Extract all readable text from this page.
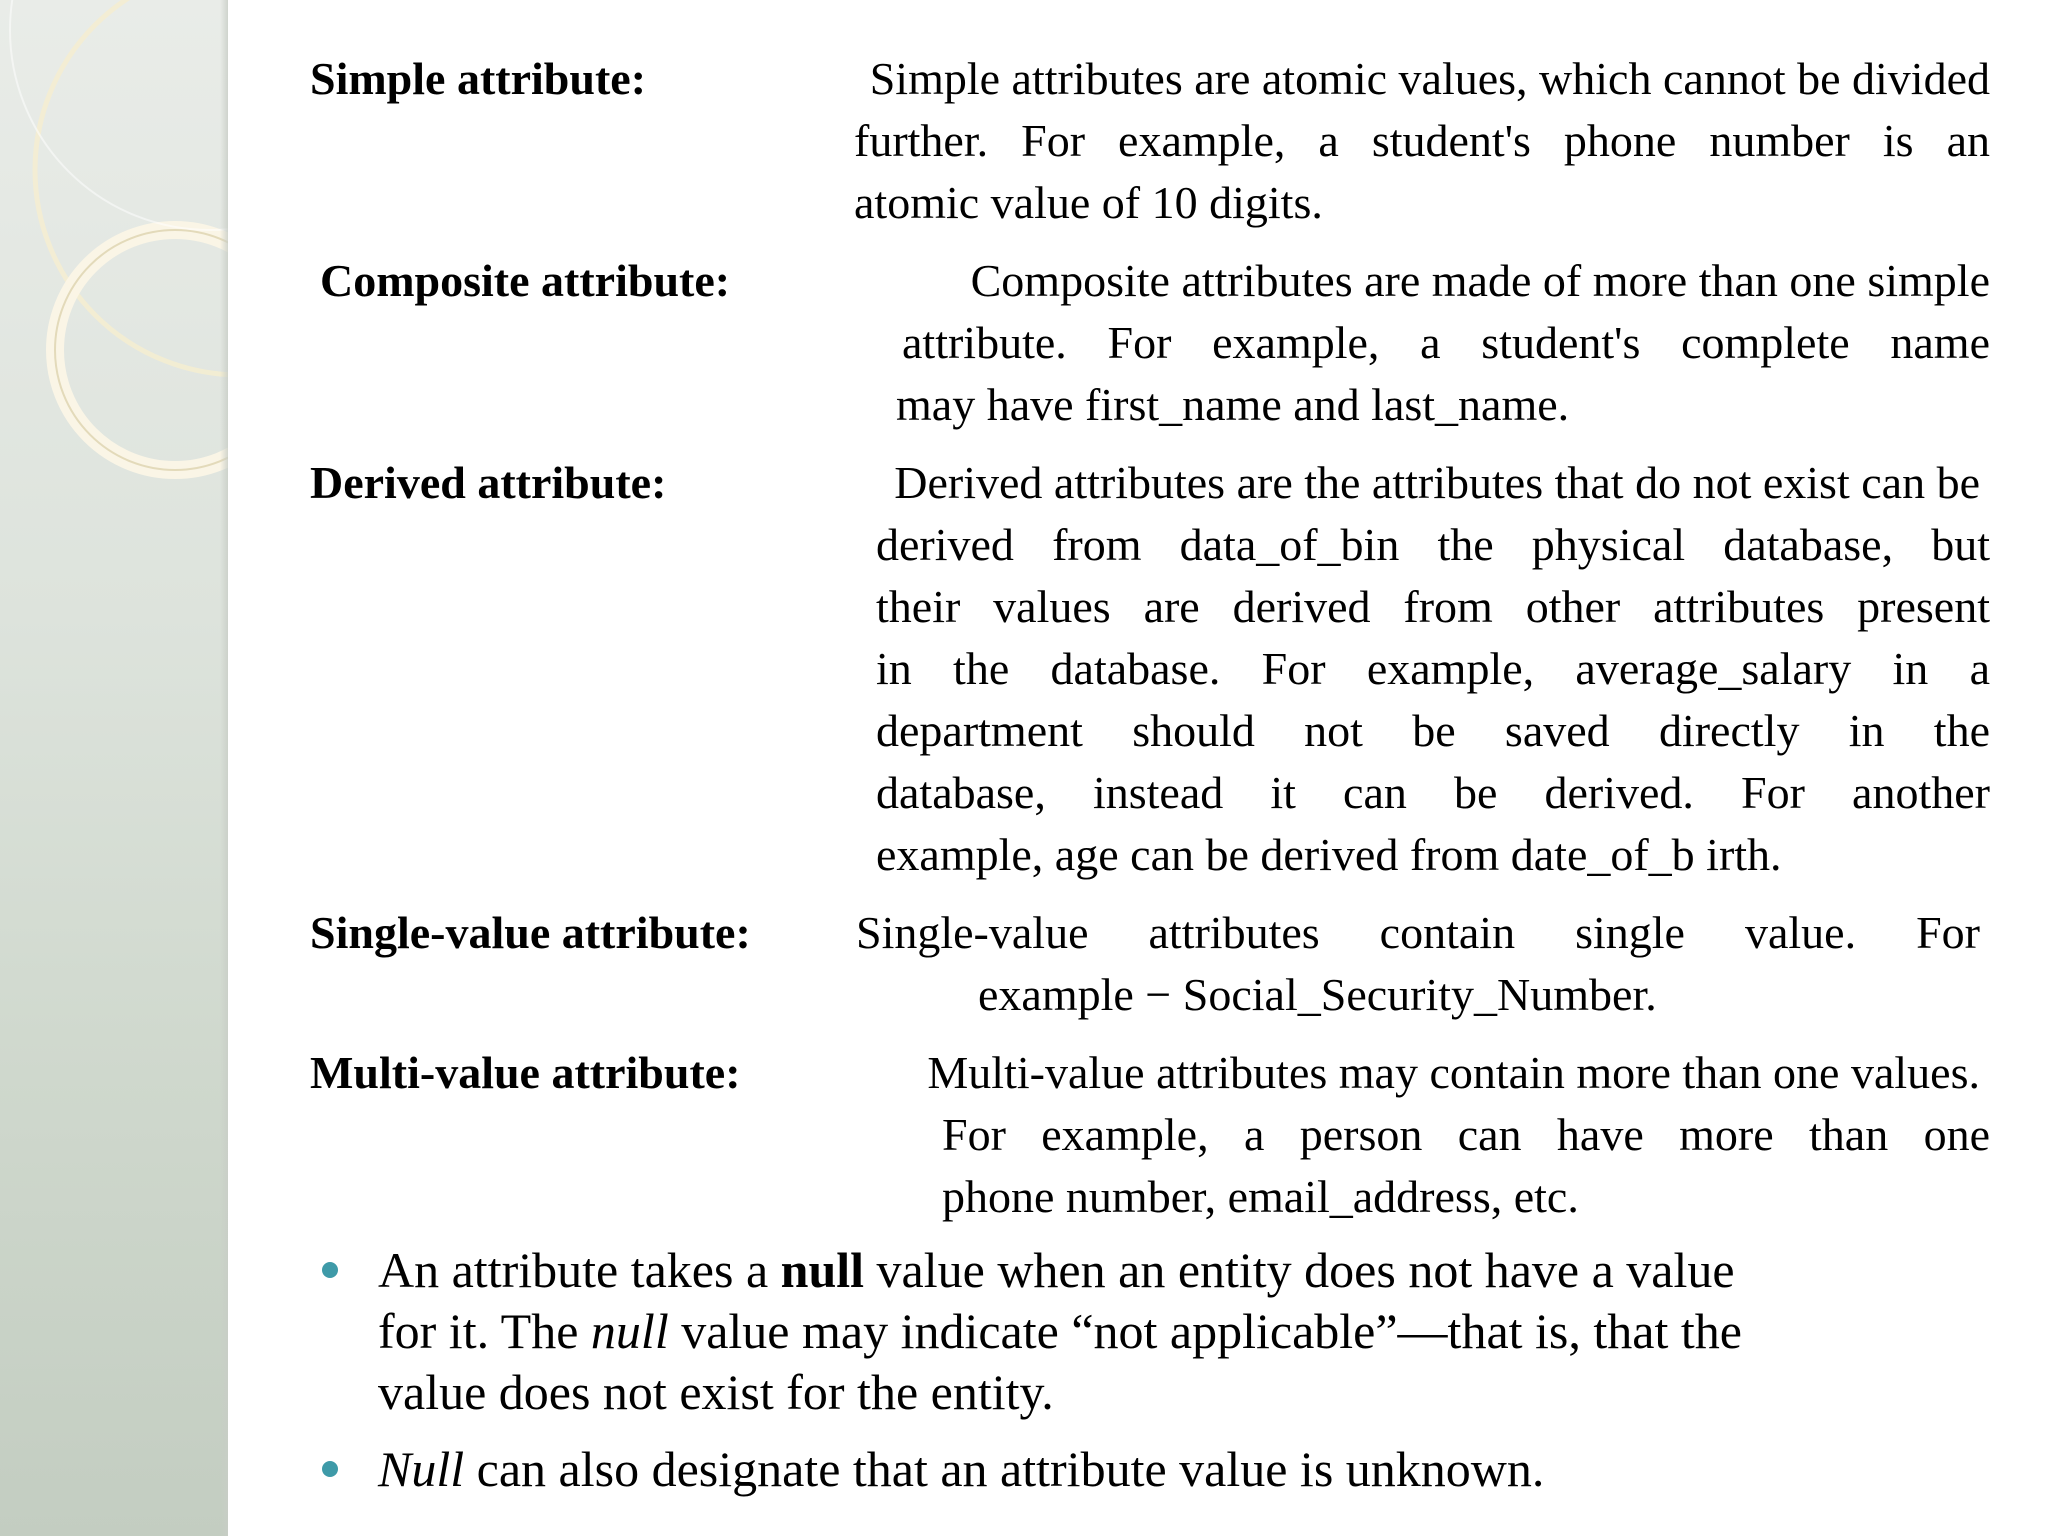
Simple attribute:	Simple attributes are atomic values, which cannot be divided
further. For example, a student's phone number is an
atomic value of 10 digits.
Composite attribute:	Composite attributes are made of more than one simple
attribute. For example, a student's complete name
may have first_name and last_name.
Derived attribute:	Derived attributes are the attributes that do not exist can be
derived from data_of_bin the physical database, but
their values are derived from other attributes present
in the database. For example, average_salary in a
department should not be saved directly in the
database, instead it can be derived. For another
example, age can be derived from date_of_b irth.
Single-value attribute: Single-value attributes contain single value. For
example − Social_Security_Number.
Multi-value attribute:	Multi-value attributes may contain more than one values.
For example, a person can have more than one
phone number, email_address, etc.
An attribute takes a null value when an entity does not have a value
for it. The null value may indicate “not applicable”—that is, that the
value does not exist for the entity.
Null can also designate that an attribute value is unknown.
